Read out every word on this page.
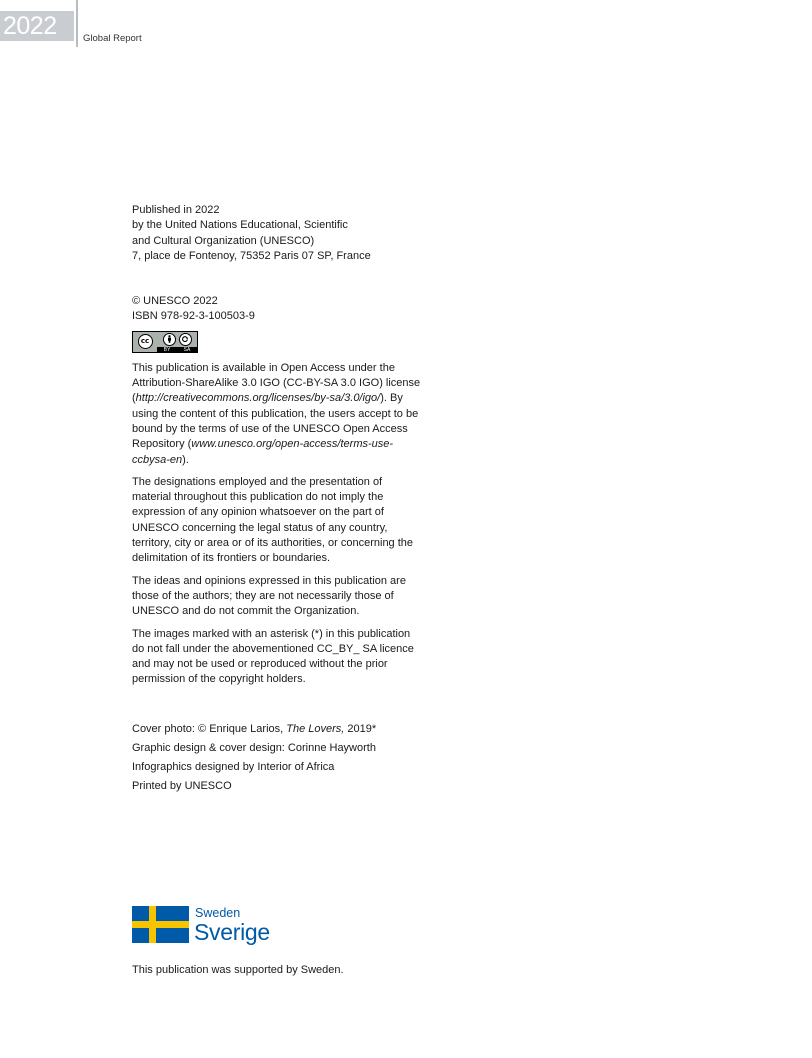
2022	Global Report

Published in 2022

by the United Nations Educational, Scientific

and Cultural Organization (UNESCO)

7, place de Fontenoy, 75352 Paris 07 SP, France

© UNESCO 2022

ISBN 978-92-3-100503-9

cc
BY	SA

This publication is available in Open Access under the Attribution-ShareAlike 3.0 IGO (CC-BY-SA 3.0 IGO) license (http://creativecommons.org/licenses/by-sa/3.0/igo/). By using the content of this publication, the users accept to be bound by the terms of use of the UNESCO Open Access Repository (www.unesco.org/open-access/terms-use-ccbysa-en).

The designations employed and the presentation of material throughout this publication do not imply the expression of any opinion whatsoever on the part of UNESCO concerning the legal status of any country, territory, city or area or of its authorities, or concerning the delimitation of its frontiers or boundaries.

The ideas and opinions expressed in this publication are those of the authors; they are not necessarily those of UNESCO and do not commit the Organization.

The images marked with an asterisk (*) in this publication do not fall under the abovementioned CC_BY_ SA licence and may not be used or reproduced without the prior permission of the copyright holders.

Cover photo: © Enrique Larios, The Lovers, 2019*

Graphic design & cover design: Corinne Hayworth

Infographics designed by Interior of Africa

Printed by UNESCO

Sweden
Sverige
This publication was supported by Sweden.
